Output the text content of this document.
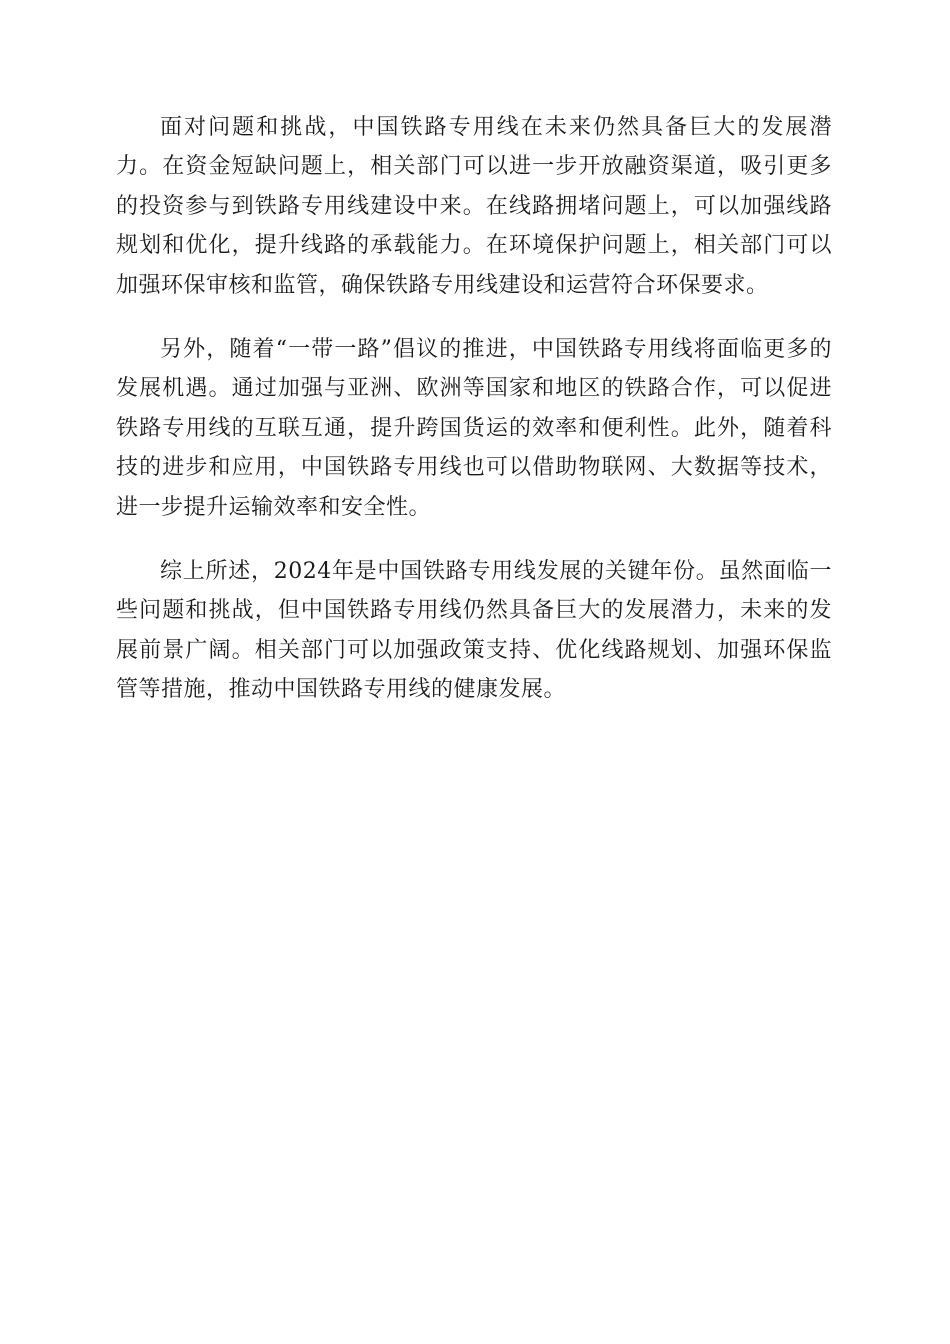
面对问题和挑战，中国铁路专用线在未来仍然具备巨大的发展潜力。在资金短缺问题上，相关部门可以进一步开放融资渠道，吸引更多的投资参与到铁路专用线建设中来。在线路拥堵问题上，可以加强线路规划和优化，提升线路的承载能力。在环境保护问题上，相关部门可以加强环保审核和监管，确保铁路专用线建设和运营符合环保要求。

另外，随着“一带一路”倡议的推进，中国铁路专用线将面临更多的发展机遇。通过加强与亚洲、欧洲等国家和地区的铁路合作，可以促进铁路专用线的互联互通，提升跨国货运的效率和便利性。此外，随着科技的进步和应用，中国铁路专用线也可以借助物联网、大数据等技术，进一步提升运输效率和安全性。

综上所述，2024年是中国铁路专用线发展的关键年份。虽然面临一些问题和挑战，但中国铁路专用线仍然具备巨大的发展潜力，未来的发展前景广阔。相关部门可以加强政策支持、优化线路规划、加强环保监管等措施，推动中国铁路专用线的健康发展。
